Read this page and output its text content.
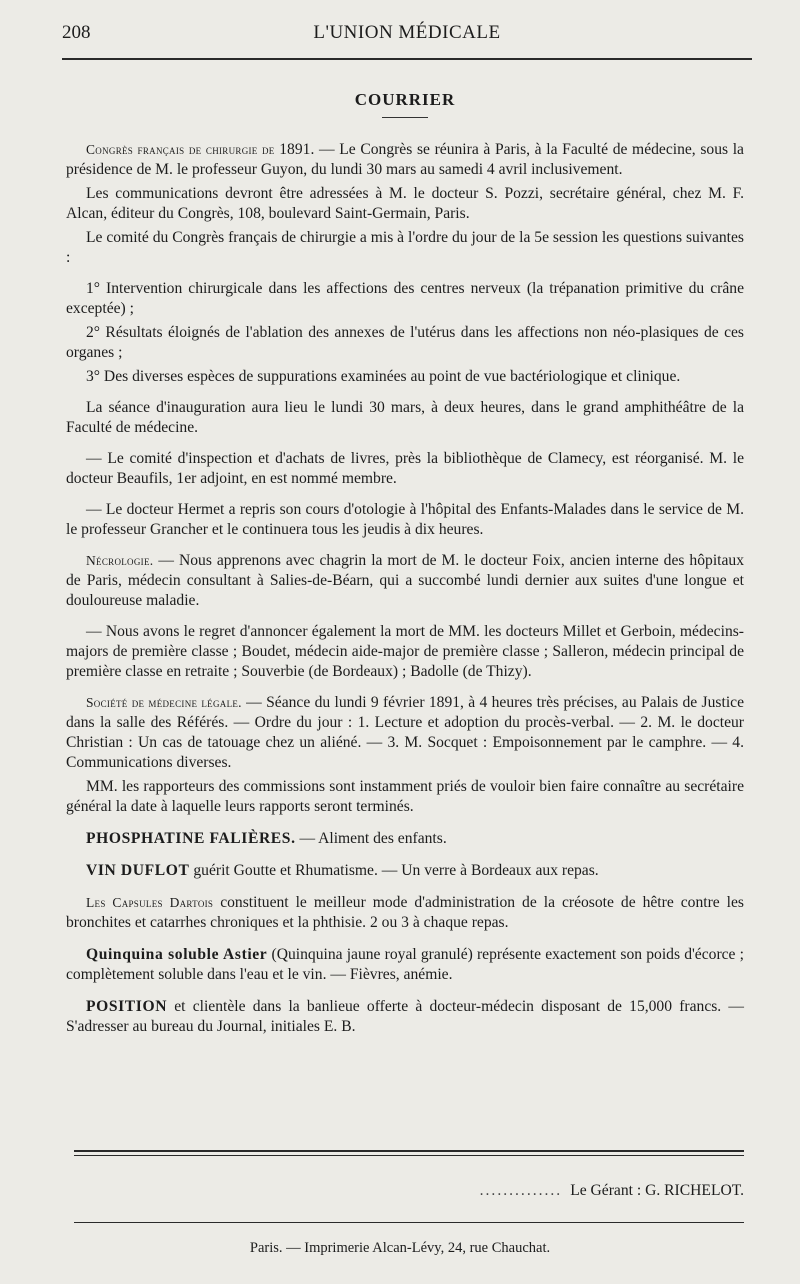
208	L'UNION MÉDICALE
COURRIER

Congrès français de chirurgie de 1891. — Le Congrès se réunira à Paris, à la Faculté de médecine, sous la présidence de M. le professeur Guyon, du lundi 30 mars au samedi 4 avril inclusivement.

Les communications devront être adressées à M. le docteur S. Pozzi, secrétaire général, chez M. F. Alcan, éditeur du Congrès, 108, boulevard Saint-Germain, Paris.

Le comité du Congrès français de chirurgie a mis à l'ordre du jour de la 5e session les questions suivantes :

1° Intervention chirurgicale dans les affections des centres nerveux (la trépanation primitive du crâne exceptée) ;

2° Résultats éloignés de l'ablation des annexes de l'utérus dans les affections non néo-plasiques de ces organes ;

3° Des diverses espèces de suppurations examinées au point de vue bactériologique et clinique.

La séance d'inauguration aura lieu le lundi 30 mars, à deux heures, dans le grand amphithéâtre de la Faculté de médecine.

— Le comité d'inspection et d'achats de livres, près la bibliothèque de Clamecy, est réorganisé. M. le docteur Beaufils, 1er adjoint, en est nommé membre.

— Le docteur Hermet a repris son cours d'otologie à l'hôpital des Enfants-Malades dans le service de M. le professeur Grancher et le continuera tous les jeudis à dix heures.

Nécrologie. — Nous apprenons avec chagrin la mort de M. le docteur Foix, ancien interne des hôpitaux de Paris, médecin consultant à Salies-de-Béarn, qui a succombé lundi dernier aux suites d'une longue et douloureuse maladie.

— Nous avons le regret d'annoncer également la mort de MM. les docteurs Millet et Gerboin, médecins-majors de première classe ; Boudet, médecin aide-major de première classe ; Salleron, médecin principal de première classe en retraite ; Souverbie (de Bordeaux) ; Badolle (de Thizy).

Société de médecine légale. — Séance du lundi 9 février 1891, à 4 heures très précises, au Palais de Justice dans la salle des Référés. — Ordre du jour : 1. Lecture et adoption du procès-verbal. — 2. M. le docteur Christian : Un cas de tatouage chez un aliéné. — 3. M. Socquet : Empoisonnement par le camphre. — 4. Communications diverses.

MM. les rapporteurs des commissions sont instamment priés de vouloir bien faire connaître au secrétaire général la date à laquelle leurs rapports seront terminés.

PHOSPHATINE FALIÈRES. — Aliment des enfants.

VIN DUFLOT guérit Goutte et Rhumatisme. — Un verre à Bordeaux aux repas.

Les Capsules Dartois constituent le meilleur mode d'administration de la créosote de hêtre contre les bronchites et catarrhes chroniques et la phthisie. 2 ou 3 à chaque repas.

Quinquina soluble Astier (Quinquina jaune royal granulé) représente exactement son poids d'écorce ; complètement soluble dans l'eau et le vin. — Fièvres, anémie.

POSITION et clientèle dans la banlieue offerte à docteur-médecin disposant de 15,000 francs. — S'adresser au bureau du Journal, initiales E. B.

.............. Le Gérant : G. RICHELOT.
Paris. — Imprimerie Alcan-Lévy, 24, rue Chauchat.
